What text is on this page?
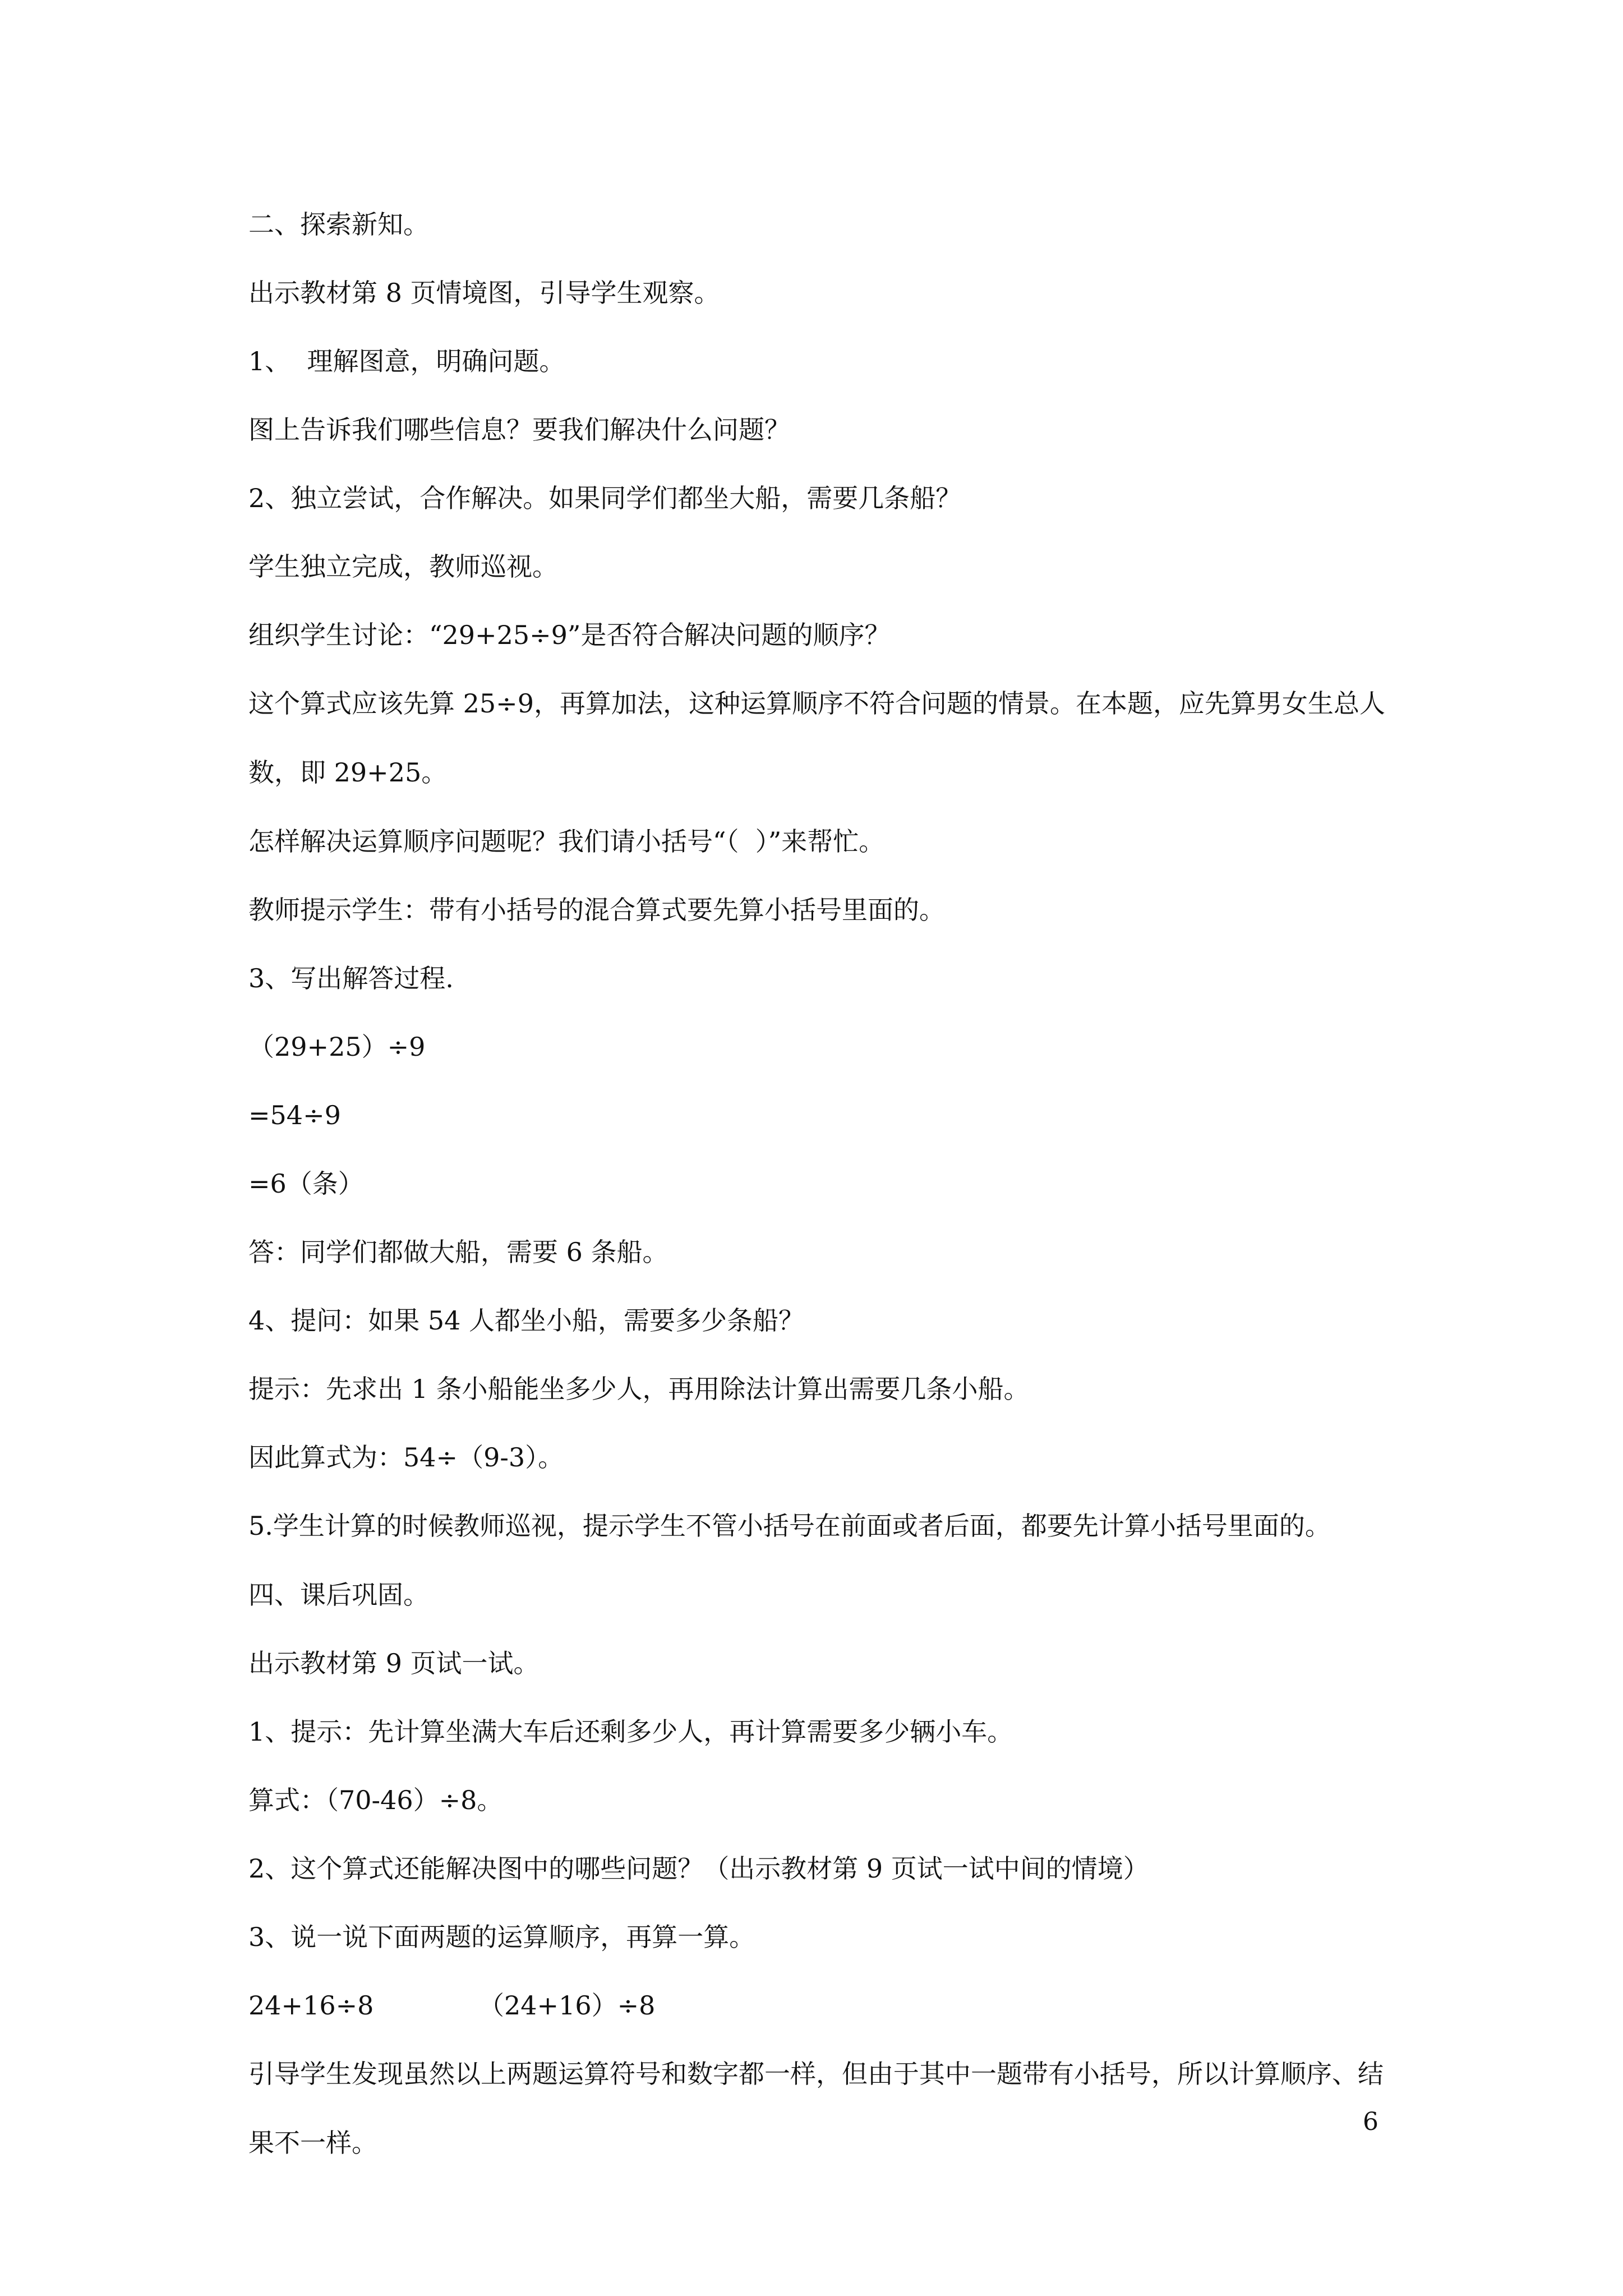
二、探索新知。

出示教材第 8 页情境图，引导学生观察。

1、  理解图意，明确问题。

图上告诉我们哪些信息？要我们解决什么问题？

2、独立尝试，合作解决。如果同学们都坐大船，需要几条船？

学生独立完成，教师巡视。

组织学生讨论：“29+25÷9”是否符合解决问题的顺序？

这个算式应该先算 25÷9，再算加法，这种运算顺序不符合问题的情景。在本题，应先算男女生总人数，即 29+25。

怎样解决运算顺序问题呢？我们请小括号“（  ）”来帮忙。

教师提示学生：带有小括号的混合算式要先算小括号里面的。

3、写出解答过程.

（29+25）÷9

=54÷9

=6（条）

答：同学们都做大船，需要 6 条船。

4、提问：如果 54 人都坐小船，需要多少条船？

提示：先求出 1 条小船能坐多少人，再用除法计算出需要几条小船。

因此算式为：54÷（9-3）。

5.学生计算的时候教师巡视，提示学生不管小括号在前面或者后面，都要先计算小括号里面的。

四、课后巩固。

出示教材第 9 页试一试。

1、提示：先计算坐满大车后还剩多少人，再计算需要多少辆小车。

算式：（70-46）÷8。

2、这个算式还能解决图中的哪些问题？（出示教材第 9 页试一试中间的情境）

3、说一说下面两题的运算顺序，再算一算。

24+16÷8	（24+16）÷8

引导学生发现虽然以上两题运算符号和数字都一样，但由于其中一题带有小括号，所以计算顺序、结果不一样。

6
